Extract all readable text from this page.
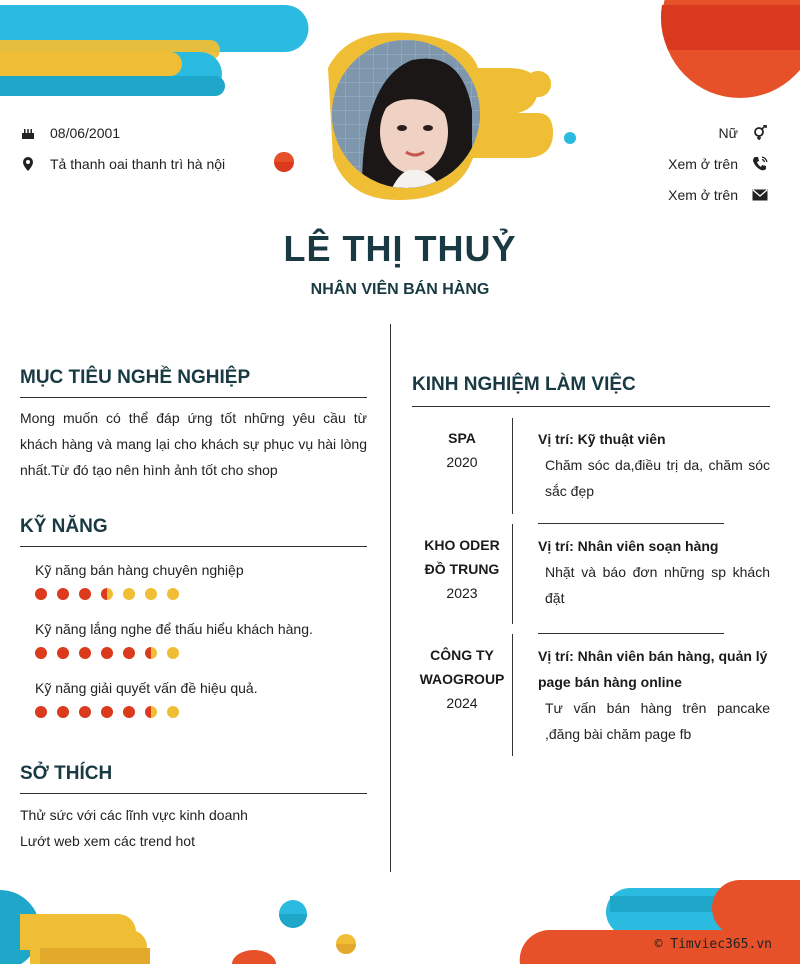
08/06/2001
Tả thanh oai thanh trì hà nội
Nữ
Xem ở trên
Xem ở trên
LÊ THỊ THUỶ
NHÂN VIÊN BÁN HÀNG
MỤC TIÊU NGHỀ NGHIỆP
Mong muốn có thể đáp ứng tốt những yêu cầu từ khách hàng và mang lại cho khách sự phục vụ hài lòng nhất.Từ đó tạo nên hình ảnh tốt cho shop
KỸ NĂNG
Kỹ năng bán hàng chuyên nghiệp
Kỹ năng lắng nghe để thấu hiểu khách hàng.
Kỹ năng giải quyết vấn đề hiệu quả.
SỞ THÍCH
Thử sức với các lĩnh vực kinh doanh
Lướt web xem các trend hot
KINH NGHIỆM LÀM VIỆC
SPA
2020
Vị trí: Kỹ thuật viên
Chăm sóc da,điều trị da, chăm sóc sắc đẹp
KHO ODER ĐỒ TRUNG
2023
Vị trí: Nhân viên soạn hàng
Nhặt và báo đơn những sp khách đặt
CÔNG TY WAOGROUP
2024
Vị trí: Nhân viên bán hàng, quản lý page bán hàng online
Tư vấn bán hàng trên pancake ,đăng bài chăm page fb
© Timviec365.vn
